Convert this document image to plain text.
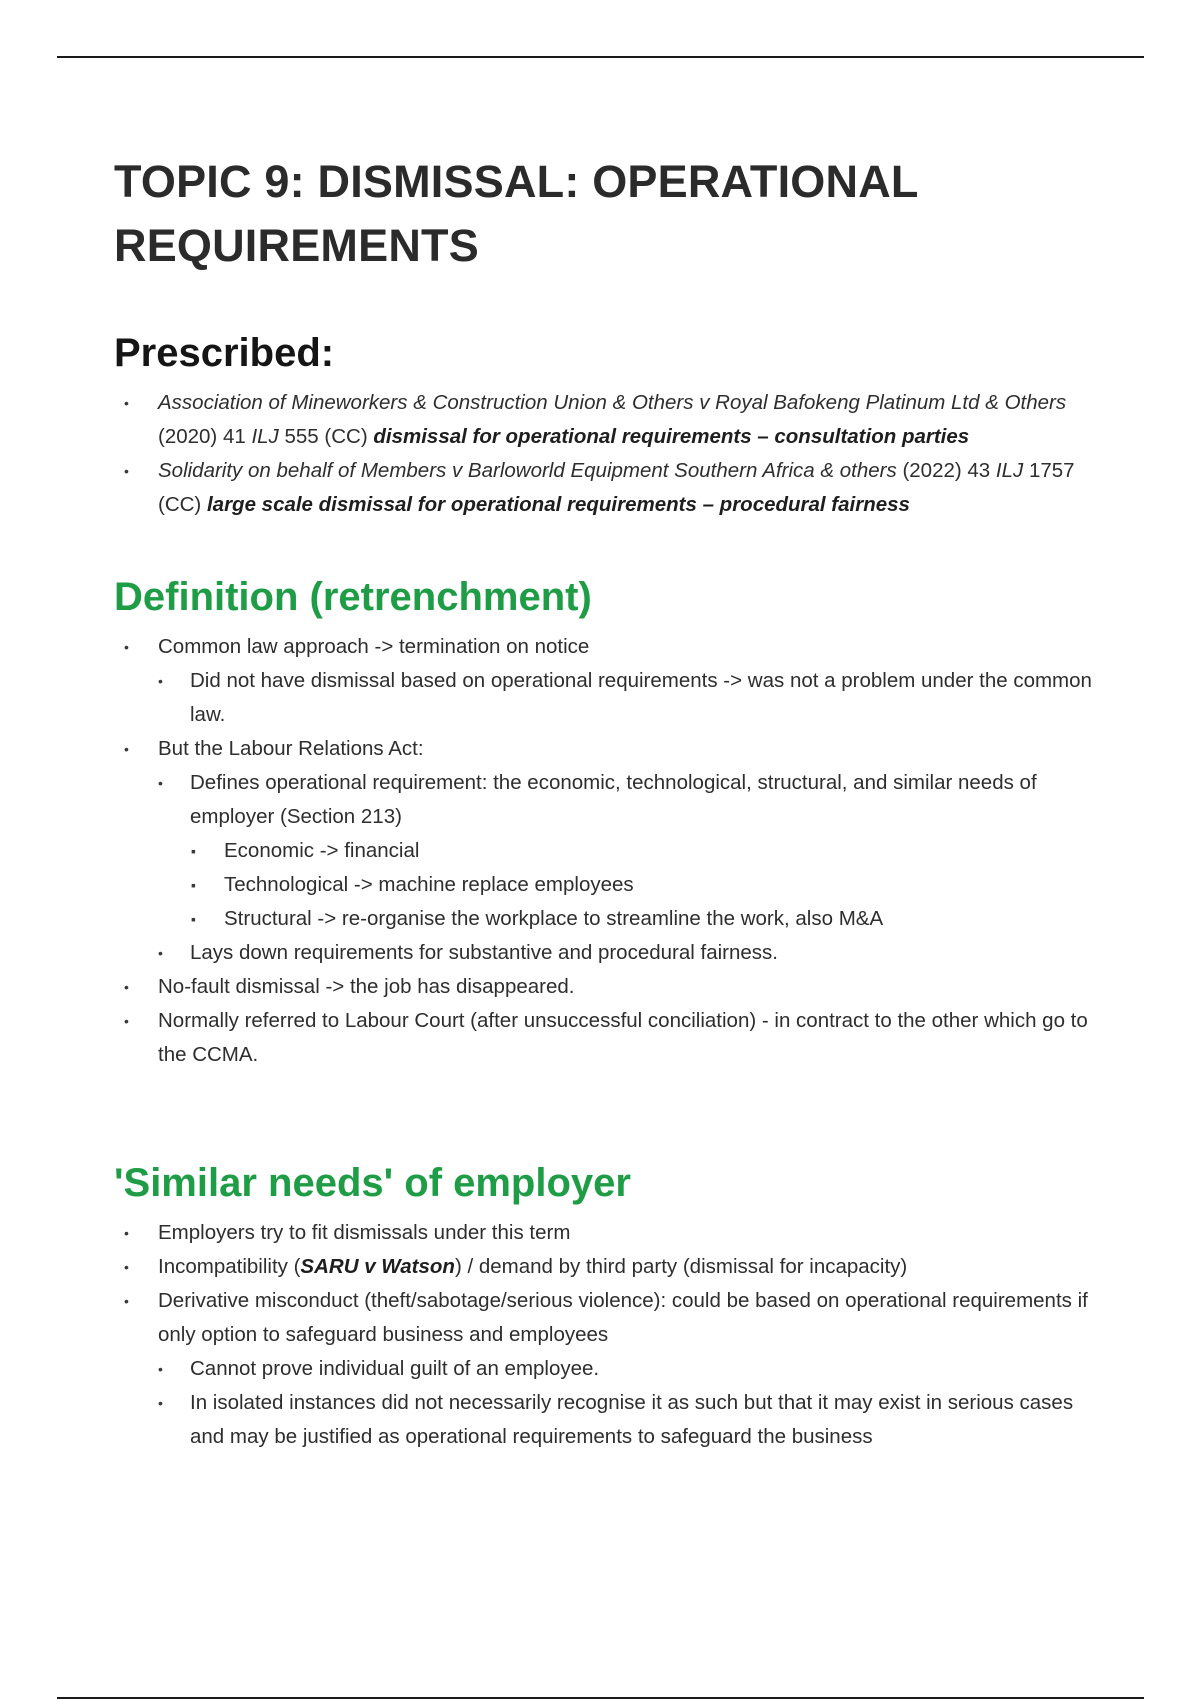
TOPIC 9: DISMISSAL: OPERATIONAL REQUIREMENTS
Prescribed:
• Association of Mineworkers & Construction Union & Others v Royal Bafokeng Platinum Ltd & Others (2020) 41 ILJ 555 (CC) dismissal for operational requirements – consultation parties
• Solidarity on behalf of Members v Barloworld Equipment Southern Africa & others (2022) 43 ILJ 1757 (CC) large scale dismissal for operational requirements – procedural fairness
Definition (retrenchment)
• Common law approach -> termination on notice
• Did not have dismissal based on operational requirements -> was not a problem under the common law.
• But the Labour Relations Act:
• Defines operational requirement: the economic, technological, structural, and similar needs of employer (Section 213)
▪ Economic -> financial
▪ Technological -> machine replace employees
▪ Structural -> re-organise the workplace to streamline the work, also M&A
• Lays down requirements for substantive and procedural fairness.
• No-fault dismissal -> the job has disappeared.
• Normally referred to Labour Court (after unsuccessful conciliation) - in contract to the other which go to the CCMA.
'Similar needs' of employer
• Employers try to fit dismissals under this term
• Incompatibility (SARU v Watson) / demand by third party (dismissal for incapacity)
• Derivative misconduct (theft/sabotage/serious violence): could be based on operational requirements if only option to safeguard business and employees
• Cannot prove individual guilt of an employee.
• In isolated instances did not necessarily recognise it as such but that it may exist in serious cases and may be justified as operational requirements to safeguard the business
